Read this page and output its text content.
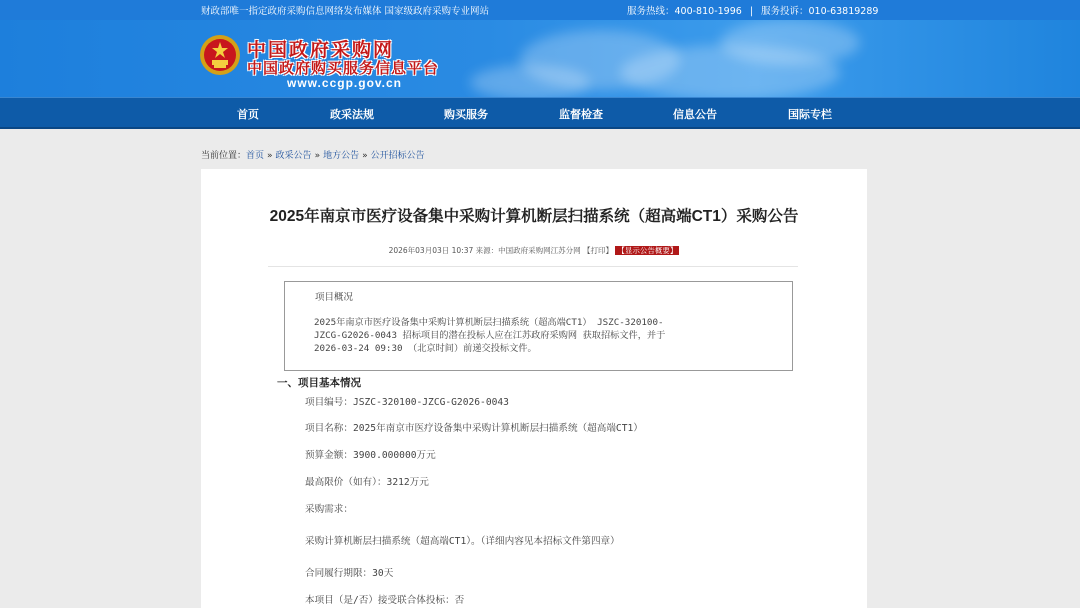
财政部唯一指定政府采购信息网络发布媒体 国家级政府采购专业网站	服务热线：400-810-1996 | 服务投诉：010-63819289
中国政府采购网
中国政府购买服务信息平台
www.ccgp.gov.cn
首页	政采法规	购买服务	监督检查	信息公告	国际专栏
当前位置：首页 » 政采公告 » 地方公告 » 公开招标公告
2025年南京市医疗设备集中采购计算机断层扫描系统（超高端CT1）采购公告
2026年03月03日 10:37 来源：中国政府采购网江苏分网 【打印】 【显示公告概要】
项目概况
2025年南京市医疗设备集中采购计算机断层扫描系统（超高端CT1） JSZC-320100-
JZCG-G2026-0043 招标项目的潜在投标人应在江苏政府采购网 获取招标文件，并于
2026-03-24 09:30 （北京时间）前递交投标文件。
一、项目基本情况
项目编号：JSZC-320100-JZCG-G2026-0043
项目名称：2025年南京市医疗设备集中采购计算机断层扫描系统（超高端CT1）
预算金额：3900.000000万元
最高限价（如有）：3212万元
采购需求：
采购计算机断层扫描系统（超高端CT1）。（详细内容见本招标文件第四章）
合同履行期限：30天
本项目（是/否）接受联合体投标：否
